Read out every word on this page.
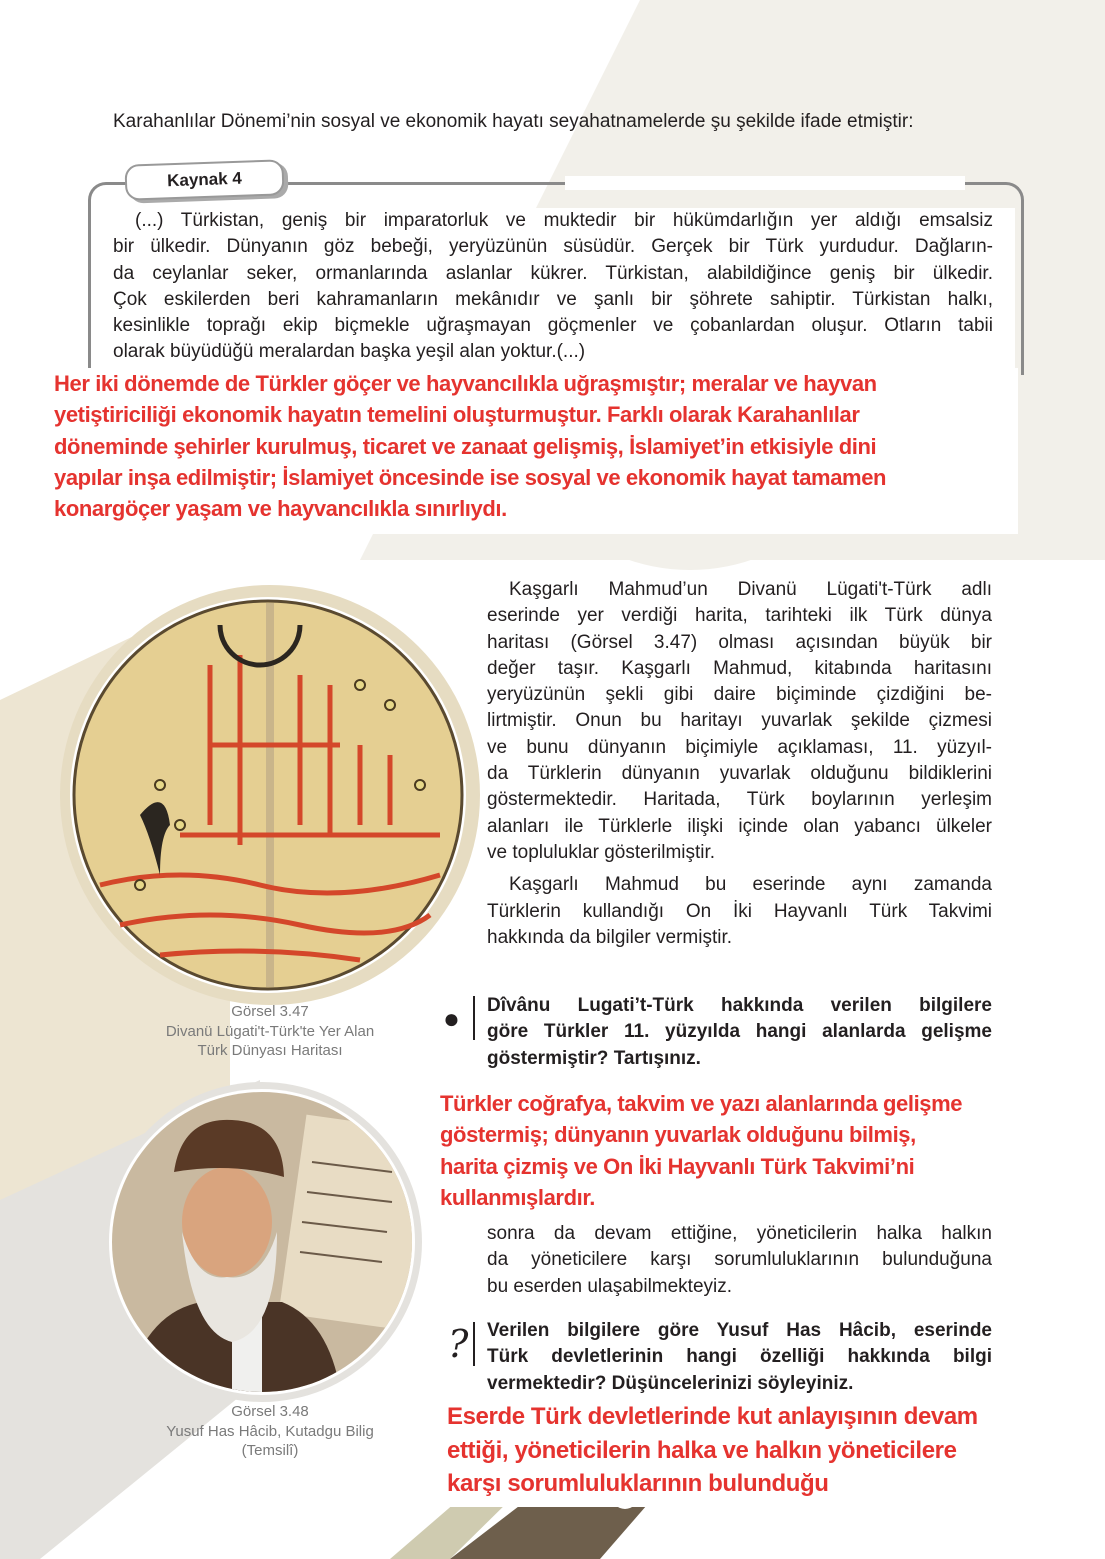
Karahanlılar Dönemi’nin sosyal ve ekonomik hayatı seyahatnamelerde şu şekilde ifade etmiştir:
Kaynak 4
(...) Türkistan, geniş bir imparatorluk ve muktedir bir hükümdarlığın yer aldığı emsalsiz
bir ülkedir. Dünyanın göz bebeği, yeryüzünün süsüdür. Gerçek bir Türk yurdudur. Dağların-
da ceylanlar seker, ormanlarında aslanlar kükrer. Türkistan, alabildiğince geniş bir ülkedir.
Çok eskilerden beri kahramanların mekânıdır ve şanlı bir şöhrete sahiptir. Türkistan halkı,
kesinlikle toprağı ekip biçmekle uğraşmayan göçmenler ve çobanlardan oluşur. Otların tabii
olarak büyüdüğü meralardan başka yeşil alan yoktur.(...)
Her iki dönemde de Türkler göçer ve hayvancılıkla uğraşmıştır; meralar ve hayvan
yetiştiriciliği ekonomik hayatın temelini oluşturmuştur. Farklı olarak Karahanlılar
döneminde şehirler kurulmuş, ticaret ve zanaat gelişmiş, İslamiyet’in etkisiyle dini
yapılar inşa edilmiştir; İslamiyet öncesinde ise sosyal ve ekonomik hayat tamamen
konargöçer yaşam ve hayvancılıkla sınırlıydı.
Görsel 3.47
Divanü Lügati't-Türk'te Yer Alan
Türk Dünyası Haritası
Kaşgarlı Mahmud’un Divanü Lügati't-Türk adlı
eserinde yer verdiği harita, tarihteki ilk Türk dünya
haritası (Görsel 3.47) olması açısından büyük bir
değer taşır. Kaşgarlı Mahmud, kitabında haritasını
yeryüzünün şekli gibi daire biçiminde çizdiğini be-
lirtmiştir. Onun bu haritayı yuvarlak şekilde çizmesi
ve bunu dünyanın biçimiyle açıklaması, 11. yüzyıl-
da Türklerin dünyanın yuvarlak olduğunu bildiklerini
göstermektedir. Haritada, Türk boylarının yerleşim
alanları ile Türklerle ilişki içinde olan yabancı ülkeler
ve topluluklar gösterilmiştir.
Kaşgarlı Mahmud bu eserinde aynı zamanda
Türklerin kullandığı On İki Hayvanlı Türk Takvimi
hakkında da bilgiler vermiştir.
●	Dîvânu Lugati’t-Türk hakkında verilen bilgilere
göre Türkler 11. yüzyılda hangi alanlarda gelişme
göstermiştir? Tartışınız.
Görsel 3.48
Yusuf Has Hâcib, Kutadgu Bilig
(Temsilî)
sonra da devam ettiğine, yöneticilerin halka halkın
da yöneticilere karşı sorumluluklarının bulunduğuna
bu eserden ulaşabilmekteyiz.
Türkler coğrafya, takvim ve yazı alanlarında gelişme
göstermiş; dünyanın yuvarlak olduğunu bilmiş,
harita çizmiş ve On İki Hayvanlı Türk Takvimi’ni
kullanmışlardır.
? Verilen bilgilere göre Yusuf Has Hâcib, eserinde
Türk devletlerinin hangi özelliği hakkında bilgi
vermektedir? Düşüncelerinizi söyleyiniz.
Eserde Türk devletlerinde kut anlayışının devam
ettiği, yöneticilerin halka ve halkın yöneticilere
karşı sorumluluklarının bulunduğu
